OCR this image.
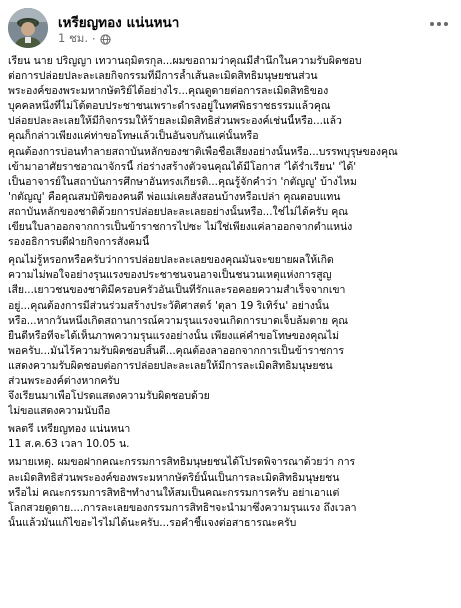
เหรียญทอง แน่นหนา
1 ชม. ·

เรียน นาย ปริญญา เทวานฤมิตรกุล...ผมขอถามว่าคุณมีสำนึกในความรับผิดชอบ

ต่อการปล่อยปละละเลยกิจกรรมที่มีการล้ำเส้นละเมิดสิทธิมนุษยชนส่วน

พระองค์ของพระมหากษัตริย์ได้อย่างไร...คุณดูดายต่อการละเมิดสิทธิของ

บุคคลหนึ่งที่ไม่โต้ตอบประชาชนเพราะดำรงอยู่ในทศพิธราชธรรมแล้วคุณ

ปล่อยปละละเลยให้มีกิจกรรมให้ร้ายละเมิดสิทธิส่วนพระองค์เช่นนี้หรือ...แล้ว

คุณก็กล่าวเพียงแค่ท่าขอโทษแล้วเป็นอันจบกันแค่นั้นหรือ

คุณต้องการบ่อนทำลายสถาบันหลักของชาติเพื่อชื่อเสียงอย่างนั้นหรือ...บรรพบุรุษของคุณ

เข้ามาอาศัยราชอาณาจักรนี้ ก่อร่างสร้างตัวจนคุณได้มีโอกาส 'ได้ร่ำเรียน' 'ได้'

เป็นอาจารย์ในสถาบันการศึกษาอันทรงเกียรติ...คุณรู้จักคำว่า 'กตัญญู' บ้างไหม

'กตัญญู' คือคุณสมบัติของคนดี พ่อแม่เคยสั่งสอนบ้างหรือเปล่า คุณตอบแทน

สถาบันหลักของชาติด้วยการปล่อยปละละเลยอย่างนั้นหรือ...ใช่ไม่ได้ครับ คุณ

เขียนใบลาออกจากการเป็นข้าราชการไปซะ ไม่ใช่เพียงแค่ลาออกจากตำแหน่ง

รองอธิการบดีฝ่ายกิจการสังคมนี้

คุณไม่รู้หรอกหรือครับว่าการปล่อยปละละเลยของคุณมันจะขยายผลให้เกิด

ความไม่พอใจอย่างรุนแรงของประชาชนจนอาจเป็นชนวนเหตุแห่งการสูญ

เสีย...เยาวชนของชาติมีครอบครัวอันเป็นที่รักและรอคอยความสำเร็จจากเขา

อยู่...คุณต้องการมีส่วนร่วมสร้างประวัติศาสตร์ 'ตุลา 19 ริเทิร์น' อย่างนั้น

หรือ...หากวันหนึ่งเกิดสถานการณ์ความรุนแรงจนเกิดการบาดเจ็บล้มตาย คุณ

ยืนดีหรือที่จะได้เห็นภาพความรุนแรงอย่างนั้น เพียงแค่คำขอโทษของคุณไม่

พอครับ...มันไร้ความรับผิดชอบสิ้นดี...คุณต้องลาออกจากการเป็นข้าราชการ

แสดงความรับผิดชอบต่อการปล่อยปละละเลยให้มีการละเมิดสิทธิมนุษยชน

ส่วนพระองค์ต่างหากครับ

จึงเรียนมาเพื่อโปรดแสดงความรับผิดชอบด้วย

ไม่ขอแสดงความนับถือ

พลตรี เหรียญทอง แน่นหนา

11 ส.ค.63 เวลา 10.05 น.

หมายเหตุ. ผมขอฝากคณะกรรมการสิทธิมนุษยชนได้โปรดพิจารณาด้วยว่า การ

ละเมิดสิทธิส่วนพระองค์ของพระมหากษัตริย์นั้นเป็นการละเมิดสิทธิมนุษยชน

หรือไม่ คณะกรรมการสิทธิฯทำงานให้สมเป็นคณะกรรมการครับ อย่าเอาแต่

โลกสวยดูดาย....การละเลยของกรรมการสิทธิฯจะนำมาซึ่งความรุนแรง ถึงเวลา

นั้นแล้วมันแก้ไขอะไรไม่ได้นะครับ...รอคำชี้แจงต่อสาธารณะครับ
